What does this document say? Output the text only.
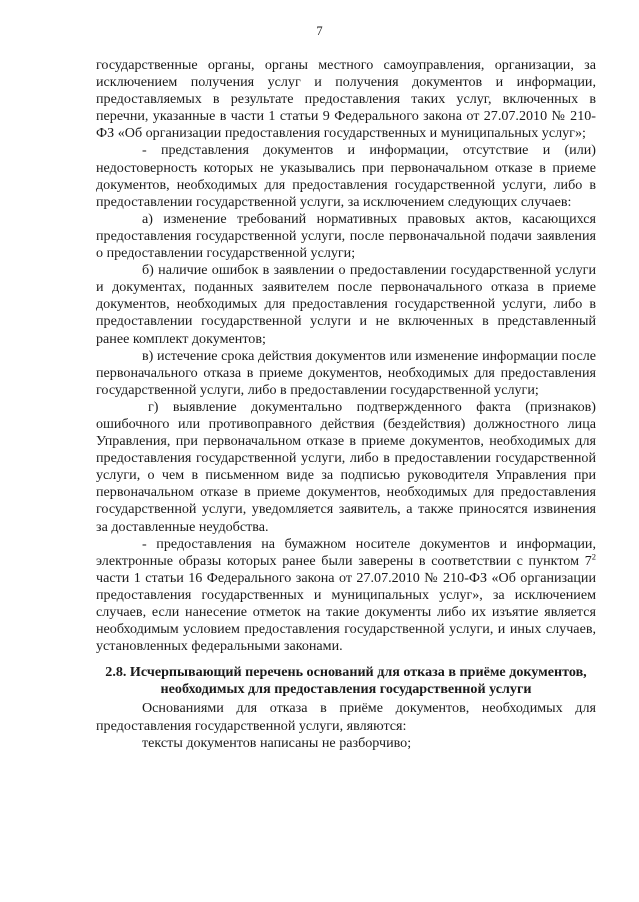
7

государственные органы, органы местного самоуправления, организации, за исключением получения услуг и получения документов и информации, предоставляемых в результате предоставления таких услуг, включенных в перечни, указанные в части 1 статьи 9 Федерального закона от 27.07.2010 № 210-ФЗ «Об организации предоставления государственных и муниципальных услуг»;

- представления документов и информации, отсутствие и (или) недостоверность которых не указывались при первоначальном отказе в приеме документов, необходимых для предоставления государственной услуги, либо в предоставлении государственной услуги, за исключением следующих случаев:

а) изменение требований нормативных правовых актов, касающихся предоставления государственной услуги, после первоначальной подачи заявления о предоставлении государственной услуги;

б) наличие ошибок в заявлении о предоставлении государственной услуги и документах, поданных заявителем после первоначального отказа в приеме документов, необходимых для предоставления государственной услуги, либо в предоставлении государственной услуги и не включенных в представленный ранее комплект документов;

в) истечение срока действия документов или изменение информации после первоначального отказа в приеме документов, необходимых для предоставления государственной услуги, либо в предоставлении государственной услуги;

г) выявление документально подтвержденного факта (признаков) ошибочного или противоправного действия (бездействия) должностного лица Управления, при первоначальном отказе в приеме документов, необходимых для предоставления государственной услуги, либо в предоставлении государственной услуги, о чем в письменном виде за подписью руководителя Управления при первоначальном отказе в приеме документов, необходимых для предоставления государственной услуги, уведомляется заявитель, а также приносятся извинения за доставленные неудобства.

- предоставления на бумажном носителе документов и информации, электронные образы которых ранее были заверены в соответствии с пунктом $7^2$ части 1 статьи 16 Федерального закона от 27.07.2010 № 210-ФЗ «Об организации предоставления государственных и муниципальных услуг», за исключением случаев, если нанесение отметок на такие документы либо их изъятие является необходимым условием предоставления государственной услуги, и иных случаев, установленных федеральными законами.

2.8. Исчерпывающий перечень оснований для отказа в приёме документов, необходимых для предоставления государственной услуги

Основаниями для отказа в приёме документов, необходимых для предоставления государственной услуги, являются:

тексты документов написаны не разборчиво;
